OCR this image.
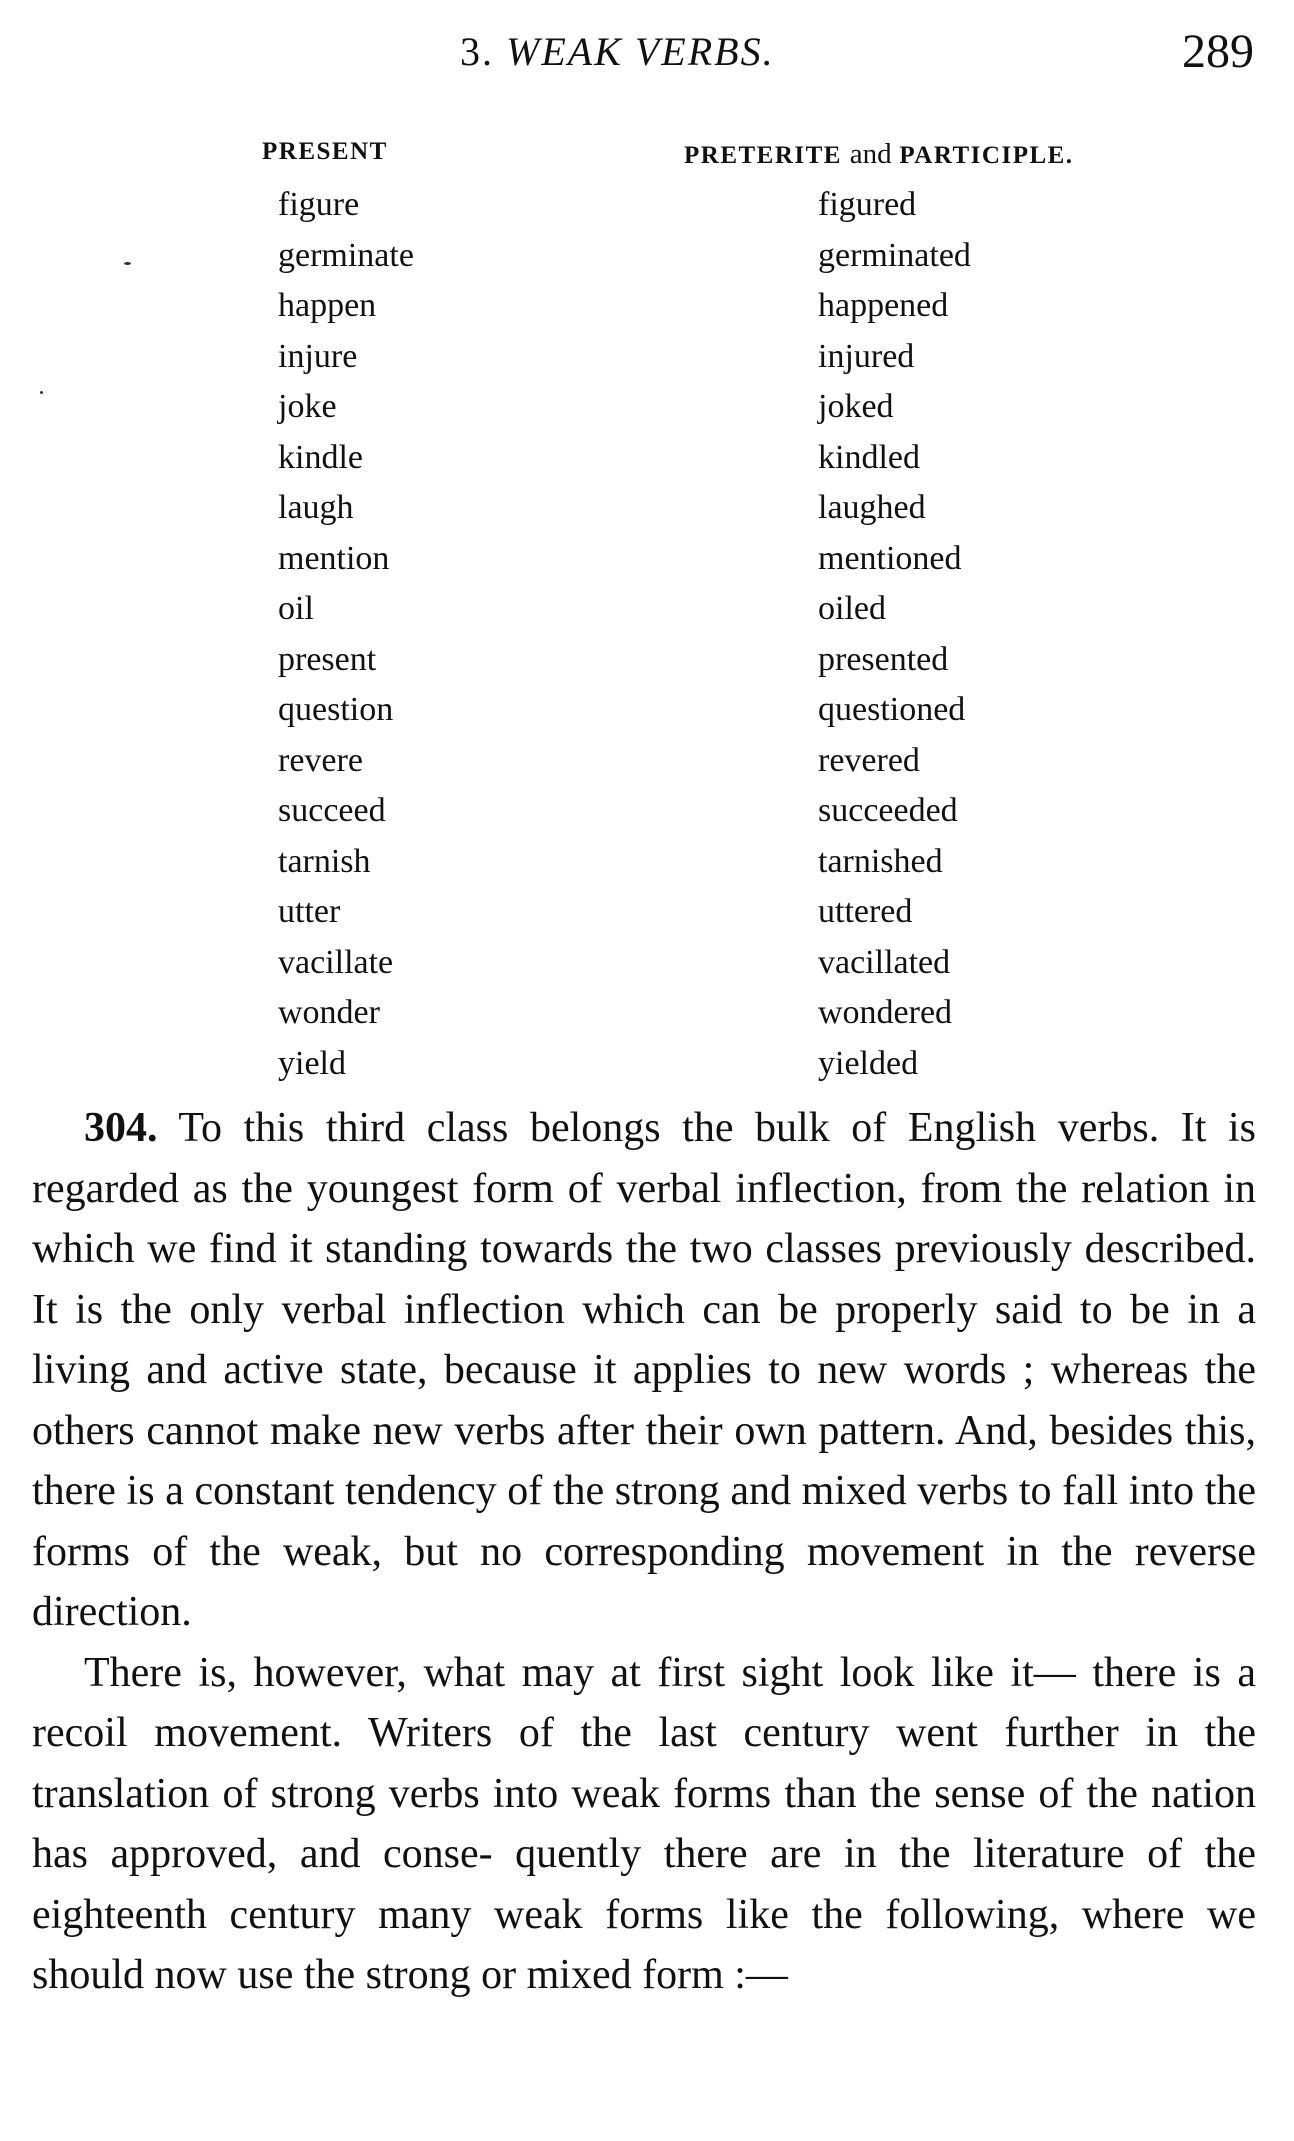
3. WEAK VERBS.	289
PRESENT	PRETERITE and PARTICIPLE.
figure	figured
germinate	germinated
happen	happened
injure	injured
joke	joked
kindle	kindled
laugh	laughed
mention	mentioned
oil	oiled
present	presented
question	questioned
revere	revered
succeed	succeeded
tarnish	tarnished
utter	uttered
vacillate	vacillated
wonder	wondered
yield	yielded

304. To this third class belongs the bulk of English verbs. It is regarded as the youngest form of verbal inflection, from the relation in which we find it standing towards the two classes previously described. It is the only verbal inflection which can be properly said to be in a living and active state, because it applies to new words ; whereas the others cannot make new verbs after their own pattern. And, besides this, there is a constant tendency of the strong and mixed verbs to fall into the forms of the weak, but no corresponding movement in the reverse direction.

There is, however, what may at first sight look like it— there is a recoil movement. Writers of the last century went further in the translation of strong verbs into weak forms than the sense of the nation has approved, and conse- quently there are in the literature of the eighteenth century many weak forms like the following, where we should now use the strong or mixed form :—
